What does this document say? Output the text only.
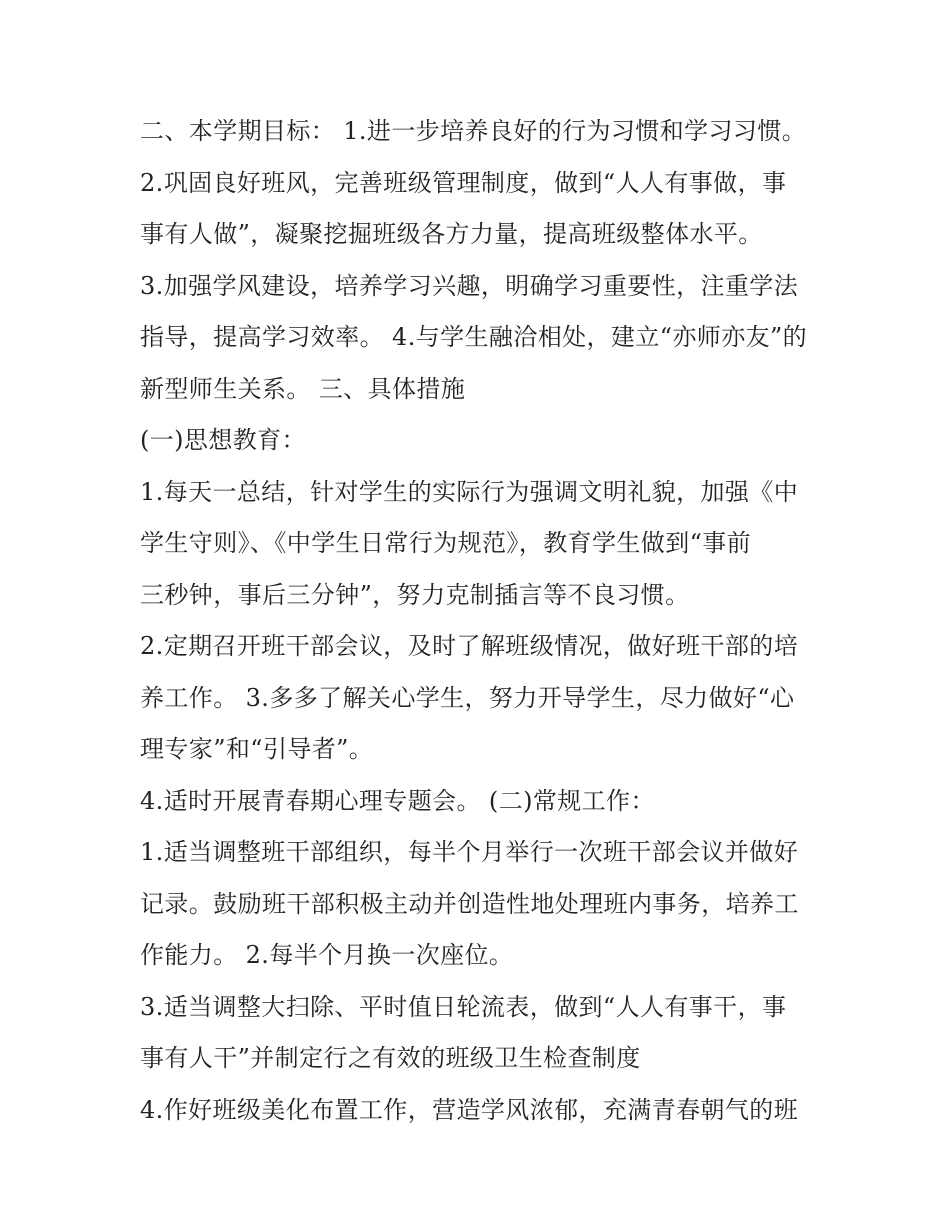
二、本学期目标： 1.进一步培养良好的行为习惯和学习习惯。
2.巩固良好班风，完善班级管理制度，做到“人人有事做，事
事有人做”，凝聚挖掘班级各方力量，提高班级整体水平。
3.加强学风建设，培养学习兴趣，明确学习重要性，注重学法
指导，提高学习效率。 4.与学生融洽相处，建立“亦师亦友”的
新型师生关系。 三、具体措施
(一)思想教育：
1.每天一总结，针对学生的实际行为强调文明礼貌，加强《中
学生守则》、《中学生日常行为规范》，教育学生做到“事前
三秒钟，事后三分钟”，努力克制插言等不良习惯。
2.定期召开班干部会议，及时了解班级情况，做好班干部的培
养工作。 3.多多了解关心学生，努力开导学生，尽力做好“心
理专家”和“引导者”。
4.适时开展青春期心理专题会。 (二)常规工作：
1.适当调整班干部组织，每半个月举行一次班干部会议并做好
记录。鼓励班干部积极主动并创造性地处理班内事务，培养工
作能力。 2.每半个月换一次座位。
3.适当调整大扫除、平时值日轮流表，做到“人人有事干，事
事有人干”并制定行之有效的班级卫生检查制度
4.作好班级美化布置工作，营造学风浓郁，充满青春朝气的班
